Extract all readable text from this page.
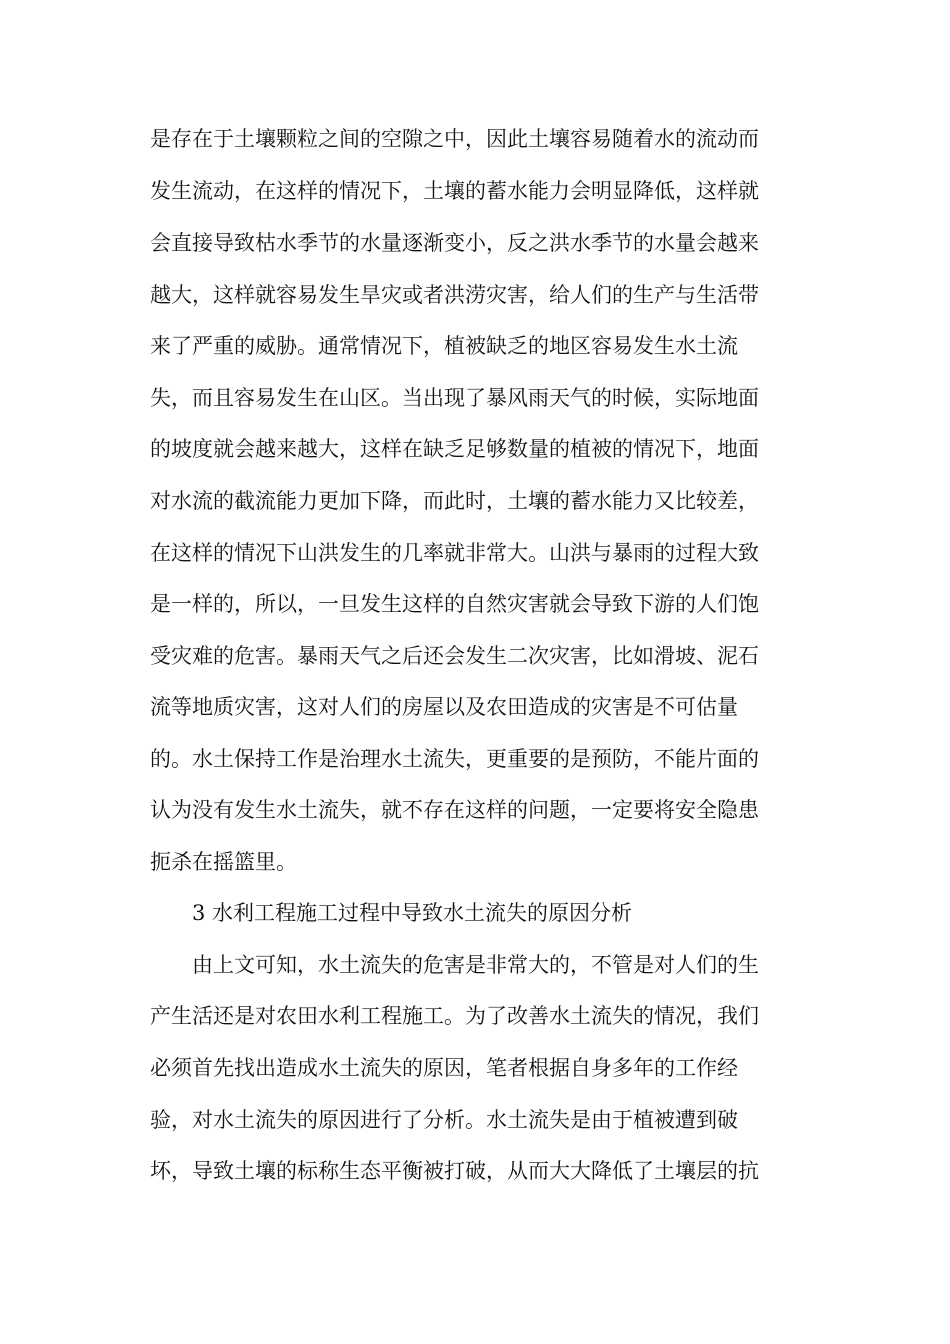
是存在于土壤颗粒之间的空隙之中，因此土壤容易随着水的流动而
发生流动，在这样的情况下，土壤的蓄水能力会明显降低，这样就
会直接导致枯水季节的水量逐渐变小，反之洪水季节的水量会越来
越大，这样就容易发生旱灾或者洪涝灾害，给人们的生产与生活带
来了严重的威胁。通常情况下，植被缺乏的地区容易发生水土流
失，而且容易发生在山区。当出现了暴风雨天气的时候，实际地面
的坡度就会越来越大，这样在缺乏足够数量的植被的情况下，地面
对水流的截流能力更加下降，而此时，土壤的蓄水能力又比较差，
在这样的情况下山洪发生的几率就非常大。山洪与暴雨的过程大致
是一样的，所以，一旦发生这样的自然灾害就会导致下游的人们饱
受灾难的危害。暴雨天气之后还会发生二次灾害，比如滑坡、泥石
流等地质灾害，这对人们的房屋以及农田造成的灾害是不可估量
的。水土保持工作是治理水土流失，更重要的是预防，不能片面的
认为没有发生水土流失，就不存在这样的问题，一定要将安全隐患
扼杀在摇篮里。
3 水利工程施工过程中导致水土流失的原因分析
由上文可知，水土流失的危害是非常大的，不管是对人们的生
产生活还是对农田水利工程施工。为了改善水土流失的情况，我们
必须首先找出造成水土流失的原因，笔者根据自身多年的工作经
验，对水土流失的原因进行了分析。水土流失是由于植被遭到破
坏，导致土壤的标称生态平衡被打破，从而大大降低了土壤层的抗
